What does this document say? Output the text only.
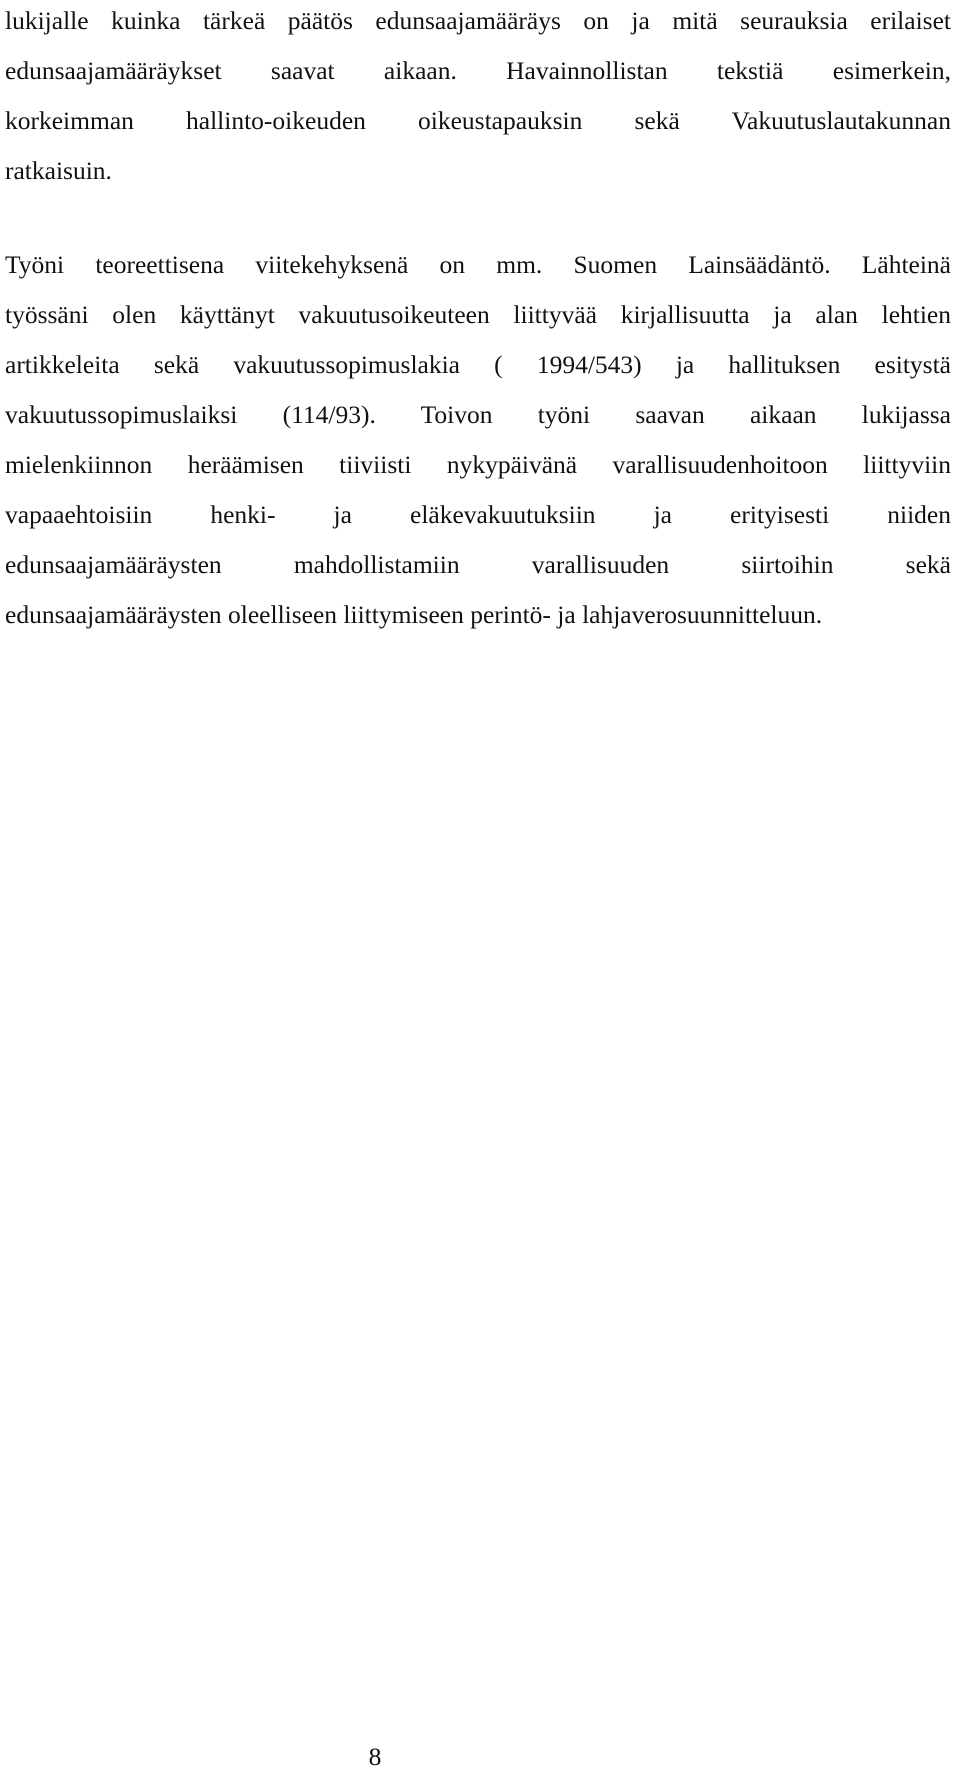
lukijalle kuinka tärkeä päätös edunsaajamääräys on ja mitä seurauksia erilaiset
edunsaajamääräykset saavat aikaan. Havainnollistan tekstiä esimerkein,
korkeimman hallinto-oikeuden oikeustapauksin sekä Vakuutuslautakunnan
ratkaisuin.
Työni teoreettisena viitekehyksenä on mm. Suomen Lainsäädäntö. Lähteinä
työssäni olen käyttänyt vakuutusoikeuteen liittyvää kirjallisuutta ja alan lehtien
artikkeleita sekä vakuutussopimuslakia ( 1994/543) ja hallituksen esitystä
vakuutussopimuslaiksi (114/93). Toivon työni saavan aikaan lukijassa
mielenkiinnon heräämisen tiiviisti nykypäivänä varallisuudenhoitoon liittyviin
vapaaehtoisiin henki- ja eläkevakuutuksiin ja erityisesti niiden
edunsaajamääräysten mahdollistamiin varallisuuden siirtoihin sekä
edunsaajamääräysten oleelliseen liittymiseen perintö- ja lahjaverosuunnitteluun.
8
